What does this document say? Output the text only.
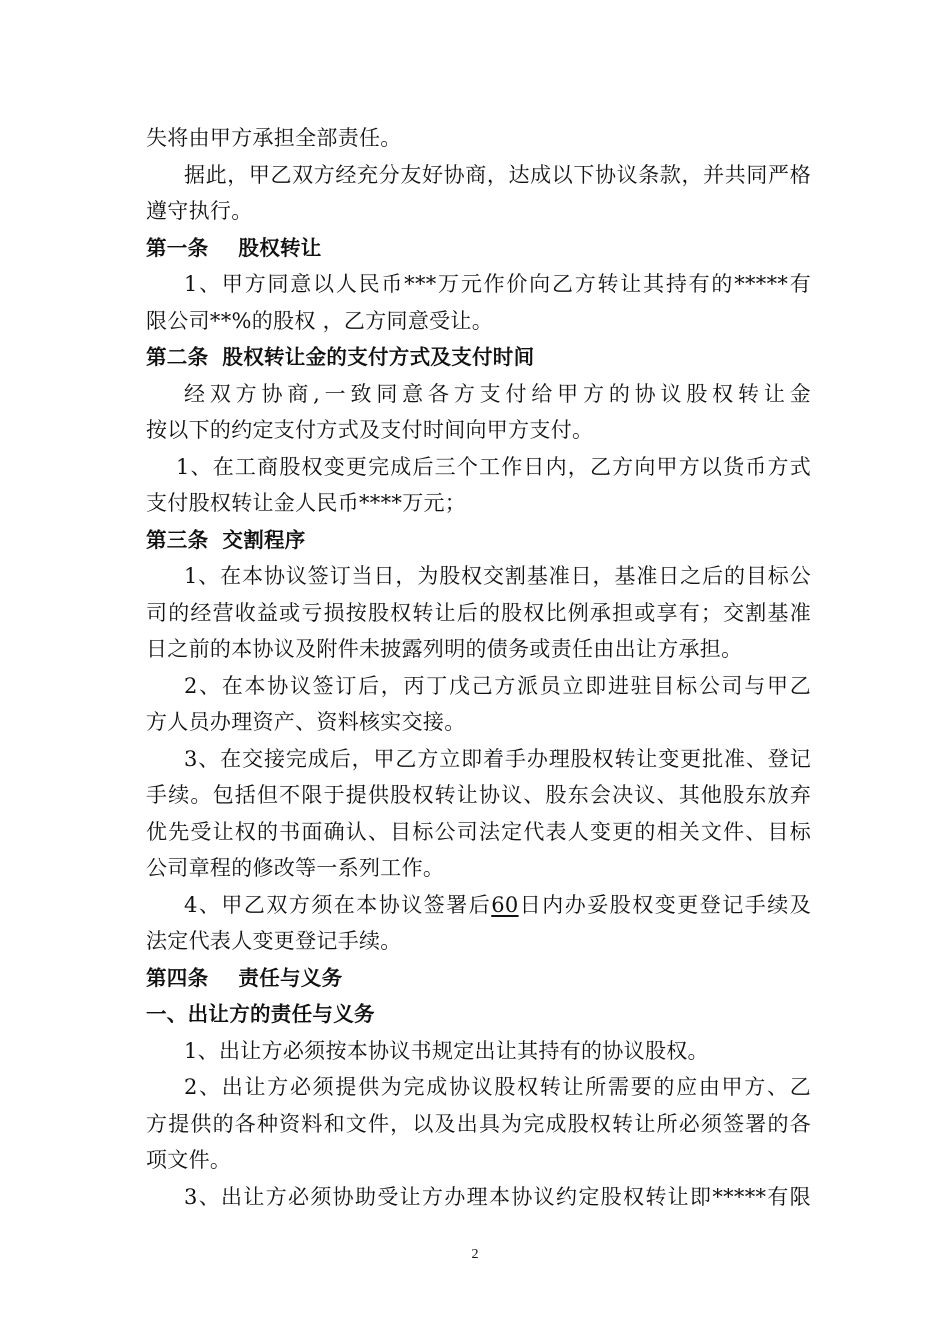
失将由甲方承担全部责任。
据此，甲乙双方经充分友好协商，达成以下协议条款，并共同严格
遵守执行。
第一条 股权转让
1、甲方同意以人民币***万元作价向乙方转让其持有的*****有
限公司**%的股权 ，乙方同意受让。
第二条 股权转让金的支付方式及支付时间
经双方协商,一致同意各方支付给甲方的协议股权转让金
按以下的约定支付方式及支付时间向甲方支付。
1、在工商股权变更完成后三个工作日内，乙方向甲方以货币方式
支付股权转让金人民币****万元；
第三条 交割程序
1、在本协议签订当日，为股权交割基准日，基准日之后的目标公
司的经营收益或亏损按股权转让后的股权比例承担或享有；交割基准
日之前的本协议及附件未披露列明的债务或责任由出让方承担。
2、在本协议签订后，丙丁戊己方派员立即进驻目标公司与甲乙
方人员办理资产、资料核实交接。
3、在交接完成后，甲乙方立即着手办理股权转让变更批准、登记
手续。包括但不限于提供股权转让协议、股东会决议、其他股东放弃
优先受让权的书面确认、目标公司法定代表人变更的相关文件、目标
公司章程的修改等一系列工作。
4、甲乙双方须在本协议签署后60日内办妥股权变更登记手续及
法定代表人变更登记手续。
第四条 责任与义务
一、出让方的责任与义务
1、出让方必须按本协议书规定出让其持有的协议股权。
2、出让方必须提供为完成协议股权转让所需要的应由甲方、乙
方提供的各种资料和文件，以及出具为完成股权转让所必须签署的各
项文件。
3、出让方必须协助受让方办理本协议约定股权转让即*****有限
2
